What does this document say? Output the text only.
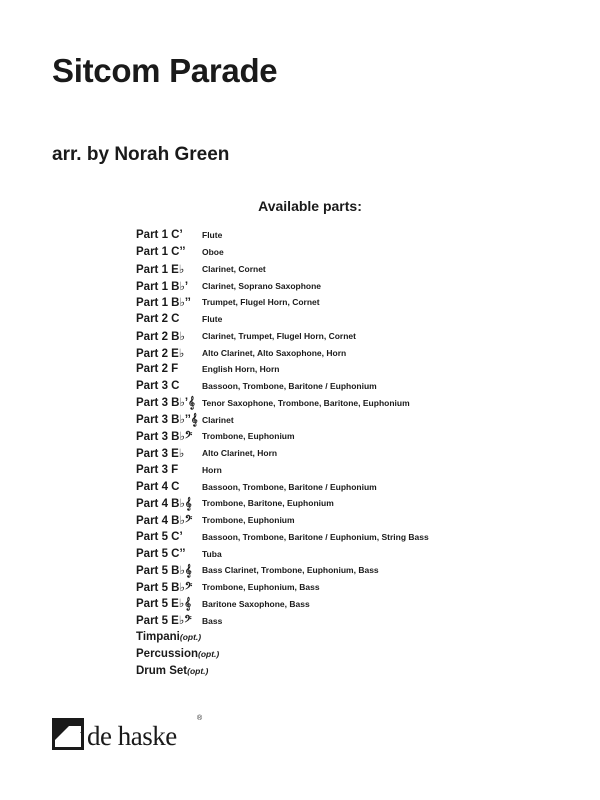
Sitcom Parade
arr. by Norah Green
Available parts:
Part 1 C’	Flute
Part 1 C’’	Oboe
Part 1 E♭	Clarinet, Cornet
Part 1 B♭’	Clarinet, Soprano Saxophone
Part 1 B♭’’	Trumpet, Flugel Horn, Cornet
Part 2 C	Flute
Part 2 B♭	Clarinet, Trumpet, Flugel Horn, Cornet
Part 2 E♭	Alto Clarinet, Alto Saxophone, Horn
Part 2 F	English Horn, Horn
Part 3 C	Bassoon, Trombone, Baritone / Euphonium
Part 3 B♭’𝄞 Tenor Saxophone, Trombone, Baritone, Euphonium
Part 3 B♭’’𝄞 Clarinet
Part 3 B♭𝄢	Trombone, Euphonium
Part 3 E♭	Alto Clarinet, Horn
Part 3 F	Horn
Part 4 C	Bassoon, Trombone, Baritone / Euphonium
Part 4 B♭𝄞	Trombone, Baritone, Euphonium
Part 4 B♭𝄢	Trombone, Euphonium
Part 5 C’	Bassoon, Trombone, Baritone / Euphonium, String Bass
Part 5 C’’	Tuba
Part 5 B♭𝄞	Bass Clarinet, Trombone, Euphonium, Bass
Part 5 B♭𝄢	Trombone, Euphonium, Bass
Part 5 E♭𝄞	Baritone Saxophone, Bass
Part 5 E♭𝄢	Bass
Timpani (opt.)
Percussion (opt.)
Drum Set (opt.)
de haske
®
